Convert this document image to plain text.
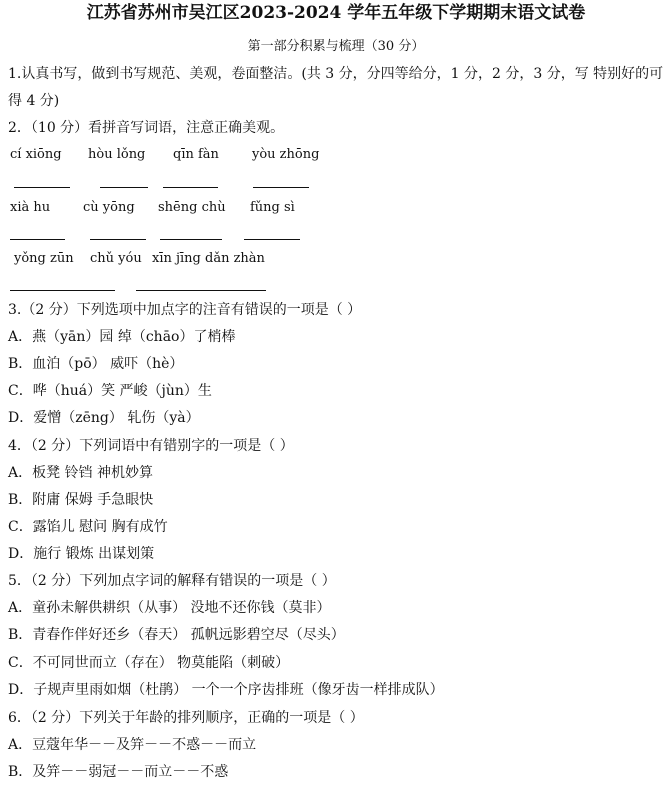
江苏省苏州市吴江区2023-2024 学年五年级下学期期末语文试卷
第一部分积累与梳理（30 分）
1.认真书写，做到书写规范、美观，卷面整洁。(共 3 分，分四等给分，1 分，2 分，3 分，写 特别好的可
得 4 分)
2．（10 分）看拼音写词语，注意正确美观。
cí xiōng hòu lǒng qīn fàn	yòu zhōng
xià hu	cù yōng shēng chù fǔng sì
yǒng zūn chǔ yóu xīn jīng dǎn zhàn
3.（2 分）下列选项中加点字的注音有错误的一项是（ ）
A．燕（yān）园 绰（chāo）了梢棒
B．血泊（pō） 威吓（hè）
C．哗（huá）笑 严峻（jùn）生
D．爱憎（zēng） 轧伤（yà）
4．（2 分）下列词语中有错别字的一项是（ ）
A．板凳 铃铛 神机妙算
B．附庸 保姆 手急眼快
C．露馅儿 慰问 胸有成竹
D．施行 锻炼 出谋划策
5．（2 分）下列加点字词的解释有错误的一项是（ ）
A．童孙未解供耕织（从事） 没地不还你钱（莫非）
B．青春作伴好还乡（春天） 孤帆远影碧空尽（尽头）
C．不可同世而立（存在） 物莫能陷（刺破）
D．子规声里雨如烟（杜鹃） 一个一个序齿排班（像牙齿一样排成队）
6．（2 分）下列关于年龄的排列顺序，正确的一项是（ ）
A．豆蔻年华－－及笄－－不惑－－而立
B．及笄－－弱冠－－而立－－不惑
